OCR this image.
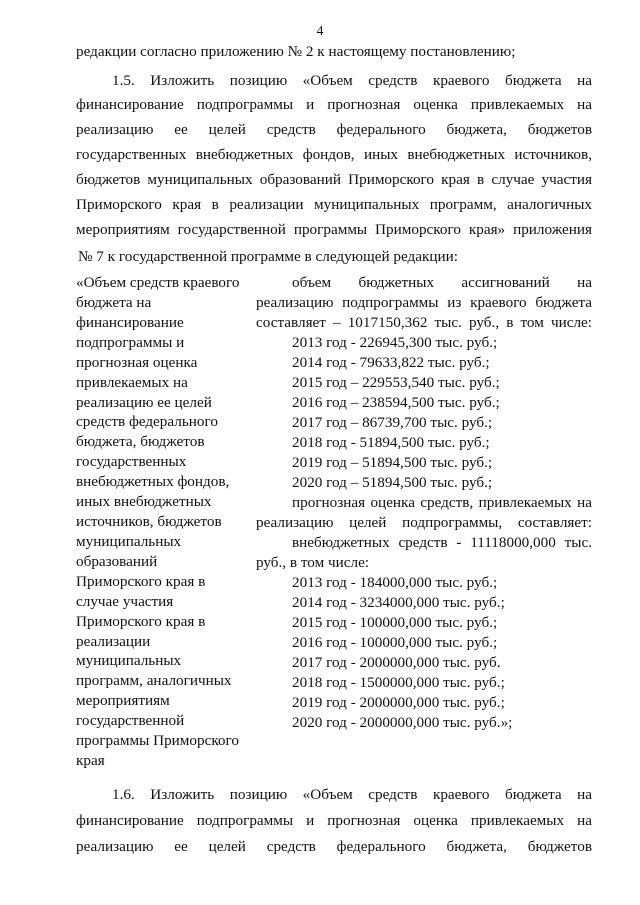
4
редакции согласно приложению № 2 к настоящему постановлению;
1.5. Изложить позицию «Объем средств краевого бюджета на
финансирование подпрограммы и прогнозная оценка привлекаемых на
реализацию ее целей средств федерального бюджета, бюджетов
государственных внебюджетных фондов, иных внебюджетных источников,
бюджетов муниципальных образований Приморского края в случае участия
Приморского края в реализации муниципальных программ, аналогичных
мероприятиям государственной программы Приморского края» приложения
№ 7 к государственной программе в следующей редакции:
«Объем средств краевого
бюджета на
финансирование
подпрограммы и
прогнозная оценка
привлекаемых на
реализацию ее целей
средств федерального
бюджета, бюджетов
государственных
внебюджетных фондов,
иных внебюджетных
источников, бюджетов
муниципальных
образований
Приморского края в
случае участия
Приморского края в
реализации
муниципальных
программ, аналогичных
мероприятиям
государственной
программы Приморского
края
объем бюджетных ассигнований на
реализацию подпрограммы из краевого бюджета
составляет – 1017150,362 тыс. руб., в том числе:
2013 год - 226945,300 тыс. руб.;
2014 год - 79633,822 тыс. руб.;
2015 год – 229553,540 тыс. руб.;
2016 год – 238594,500 тыс. руб.;
2017 год – 86739,700 тыс. руб.;
2018 год - 51894,500 тыс. руб.;
2019 год – 51894,500 тыс. руб.;
2020 год – 51894,500 тыс. руб.;
прогнозная оценка средств, привлекаемых на
реализацию целей подпрограммы, составляет:
внебюджетных средств - 11118000,000 тыс.
руб., в том числе:
2013 год - 184000,000 тыс. руб.;
2014 год - 3234000,000 тыс. руб.;
2015 год - 100000,000 тыс. руб.;
2016 год - 100000,000 тыс. руб.;
2017 год - 2000000,000 тыс. руб.
2018 год - 1500000,000 тыс. руб.;
2019 год - 2000000,000 тыс. руб.;
2020 год - 2000000,000 тыс. руб.»;
1.6. Изложить позицию «Объем средств краевого бюджета на
финансирование подпрограммы и прогнозная оценка привлекаемых на
реализацию ее целей средств федерального бюджета, бюджетов
